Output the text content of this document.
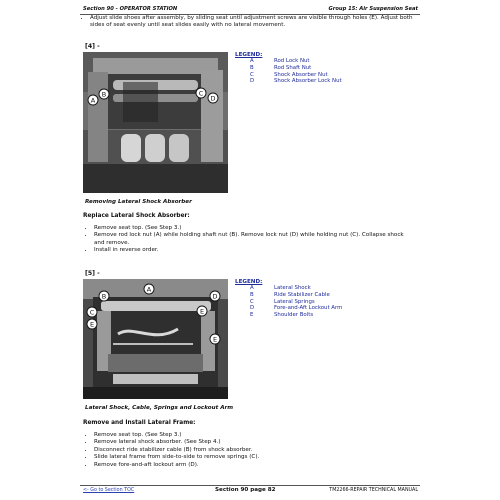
Section 90 - OPERATOR STATION	Group 15: Air Suspension Seat
• Adjust slide shoes after assembly, by sliding seat until adjustment screws are visible through holes (E). Adjust both sides of seat evenly until seat slides easily with no lateral movement.
[4] -
A
B	C
D
LEGEND:
A	Rod Lock Nut
B	Rod Shaft Nut
C	Shock Absorber Nut
D	Shock Absorber Lock Nut
Removing Lateral Shock Absorber
Replace Lateral Shock Absorber:
• Remove seat top. (See Step 3.)
• Remove rod lock nut (A) while holding shaft nut (B). Remove lock nut (D) while holding nut (C). Collapse shock and remove.
• Install in reverse order.
[5] -
A
B
C
D
E
E
E
LEGEND:
A	Lateral Shock
B	Ride Stabilizer Cable
C	Lateral Springs
D	Fore-and-Aft Lockout Arm
E	Shoulder Bolts
Lateral Shock, Cable, Springs and Lockout Arm
Remove and Install Lateral Frame:
• Remove seat top. (See Step 3.)
• Remove lateral shock absorber. (See Step 4.)
• Disconnect ride stabilizer cable (B) from shock absorber.
• Slide lateral frame from side-to-side to remove springs (C).
• Remove fore-and-aft lockout arm (D).
<- Go to Section TOC	Section 90 page 82	TM2266-REPAIR TECHNICAL MANUAL
